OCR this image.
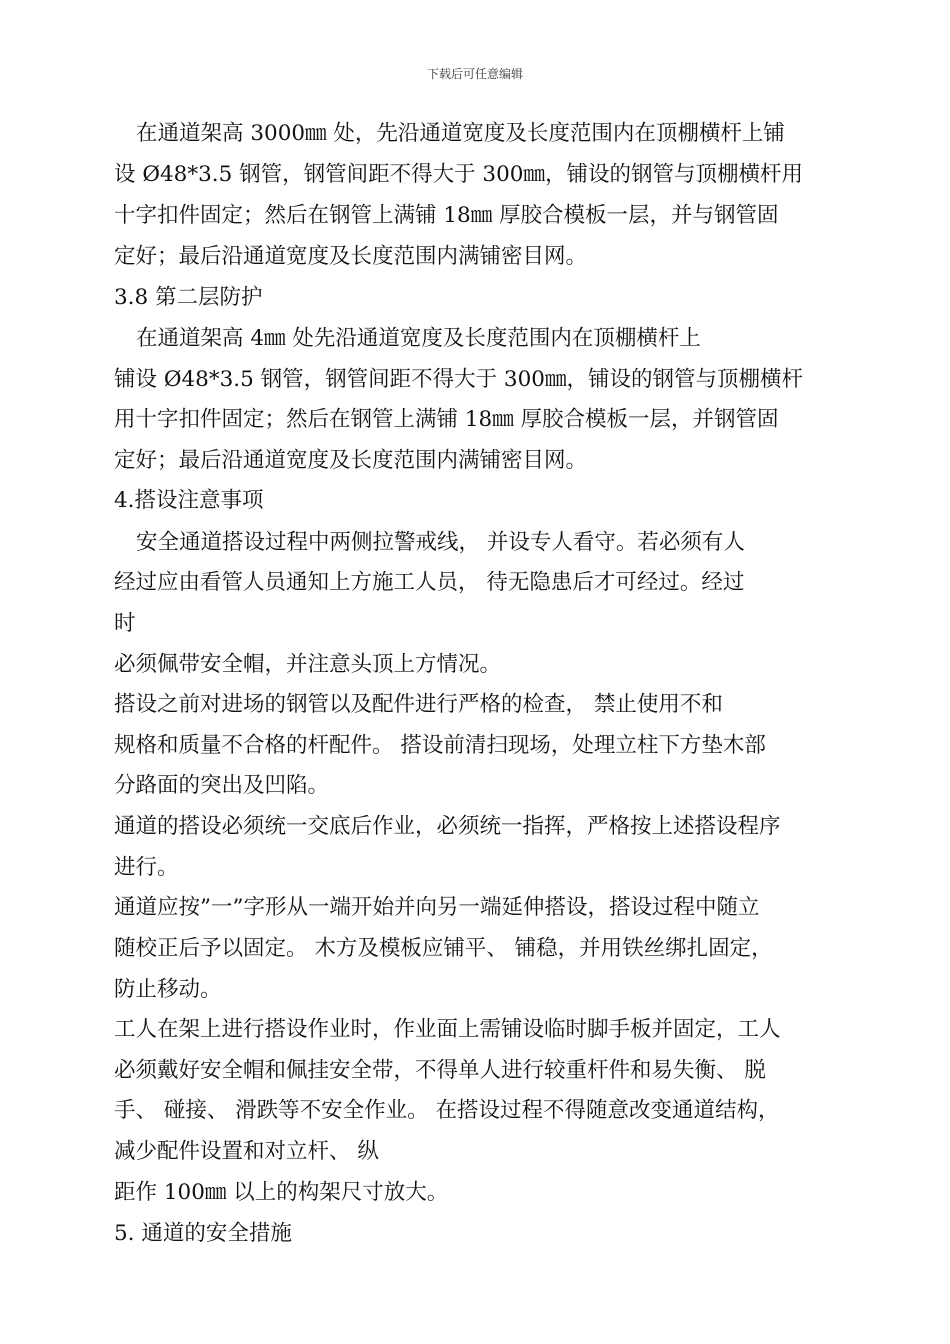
下载后可任意编辑
在通道架高 3000㎜ 处，先沿通道宽度及长度范围内在顶棚横杆上铺
设 Ø48*3.5 钢管，钢管间距不得大于 300㎜，铺设的钢管与顶棚横杆用
十字扣件固定；然后在钢管上满铺 18㎜ 厚胶合模板一层，并与钢管固
定好；最后沿通道宽度及长度范围内满铺密目网。
3.8 第二层防护
在通道架高 4㎜ 处先沿通道宽度及长度范围内在顶棚横杆上
铺设 Ø48*3.5 钢管，钢管间距不得大于 300㎜，铺设的钢管与顶棚横杆
用十字扣件固定；然后在钢管上满铺 18㎜ 厚胶合模板一层，并钢管固
定好；最后沿通道宽度及长度范围内满铺密目网。
4.搭设注意事项
安全通道搭设过程中两侧拉警戒线， 并设专人看守。若必须有人
经过应由看管人员通知上方施工人员， 待无隐患后才可经过。经过
时
必须佩带安全帽，并注意头顶上方情况。
搭设之前对进场的钢管以及配件进行严格的检查， 禁止使用不和
规格和质量不合格的杆配件。 搭设前清扫现场，处理立柱下方垫木部
分路面的突出及凹陷。
通道的搭设必须统一交底后作业，必须统一指挥，严格按上述搭设程序
进行。
通道应按”一”字形从一端开始并向另一端延伸搭设，搭设过程中随立
随校正后予以固定。 木方及模板应铺平、 铺稳，并用铁丝绑扎固定，
防止移动。
工人在架上进行搭设作业时，作业面上需铺设临时脚手板并固定，工人
必须戴好安全帽和佩挂安全带，不得单人进行较重杆件和易失衡、 脱
手、 碰接、 滑跌等不安全作业。 在搭设过程不得随意改变通道结构，
减少配件设置和对立杆、 纵
距作 100㎜ 以上的构架尺寸放大。
5. 通道的安全措施
